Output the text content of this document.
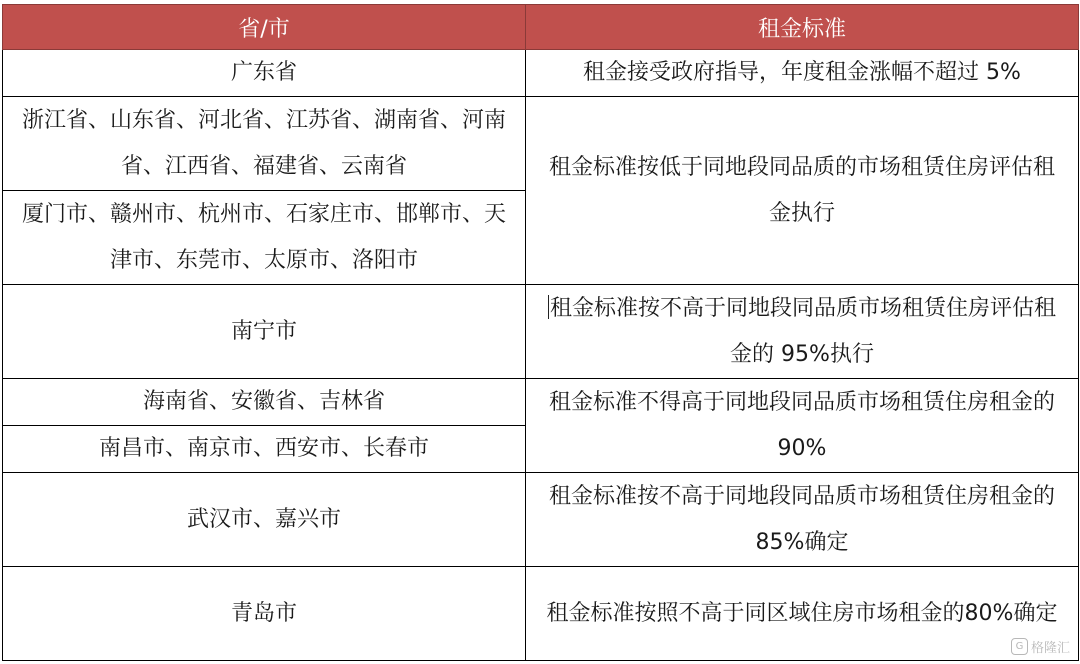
省/市	租金标准
广东省	租金接受政府指导，年度租金涨幅不超过 5%
浙江省、山东省、河北省、江苏省、湖南省、河南省、江西省、福建省、云南省	租金标准按低于同地段同品质的市场租赁住房评估租金执行
厦门市、赣州市、杭州市、石家庄市、邯郸市、天津市、东莞市、太原市、洛阳市	
南宁市	租金标准按不高于同地段同品质市场租赁住房评估租金的 95%执行
海南省、安徽省、吉林省	租金标准不得高于同地段同品质市场租赁住房租金的 90%
南昌市、南京市、西安市、长春市	
武汉市、嘉兴市	租金标准按不高于同地段同品质市场租赁住房租金的 85%确定
青岛市	租金标准按照不高于同区域住房市场租金的80%确定
G 格隆汇
